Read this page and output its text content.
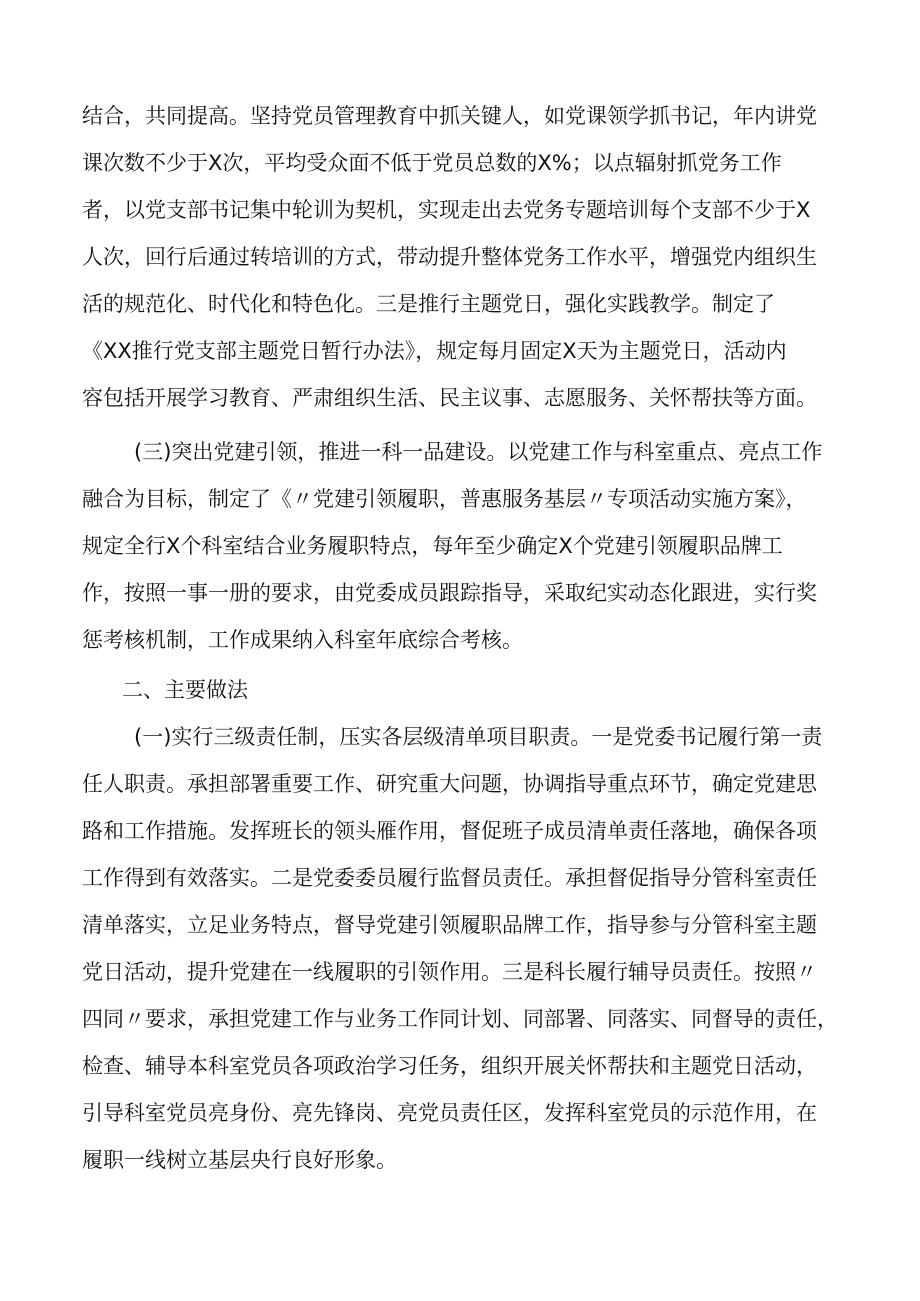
结合，共同提高。坚持党员管理教育中抓关键人，如党课领学抓书记，年内讲党
课次数不少于X次，平均受众面不低于党员总数的X%；以点辐射抓党务工作
者，以党支部书记集中轮训为契机，实现走出去党务专题培训每个支部不少于X
人次，回行后通过转培训的方式，带动提升整体党务工作水平，增强党内组织生
活的规范化、时代化和特色化。三是推行主题党日，强化实践教学。制定了
《XX推行党支部主题党日暂行办法》，规定每月固定X天为主题党日，活动内
容包括开展学习教育、严肃组织生活、民主议事、志愿服务、关怀帮扶等方面。
(三)突出党建引领，推进一科一品建设。以党建工作与科室重点、亮点工作
融合为目标，制定了《〃党建引领履职，普惠服务基层〃专项活动实施方案》，
规定全行X个科室结合业务履职特点，每年至少确定X个党建引领履职品牌工
作，按照一事一册的要求，由党委成员跟踪指导，采取纪实动态化跟进，实行奖
惩考核机制，工作成果纳入科室年底综合考核。
二、主要做法
(一)实行三级责任制，压实各层级清单项目职责。一是党委书记履行第一责
任人职责。承担部署重要工作、研究重大问题，协调指导重点环节，确定党建思
路和工作措施。发挥班长的领头雁作用，督促班子成员清单责任落地，确保各项
工作得到有效落实。二是党委委员履行监督员责任。承担督促指导分管科室责任
清单落实，立足业务特点，督导党建引领履职品牌工作，指导参与分管科室主题
党日活动，提升党建在一线履职的引领作用。三是科长履行辅导员责任。按照〃
四同〃要求，承担党建工作与业务工作同计划、同部署、同落实、同督导的责任，
检查、辅导本科室党员各项政治学习任务，组织开展关怀帮扶和主题党日活动，
引导科室党员亮身份、亮先锋岗、亮党员责任区，发挥科室党员的示范作用，在
履职一线树立基层央行良好形象。
